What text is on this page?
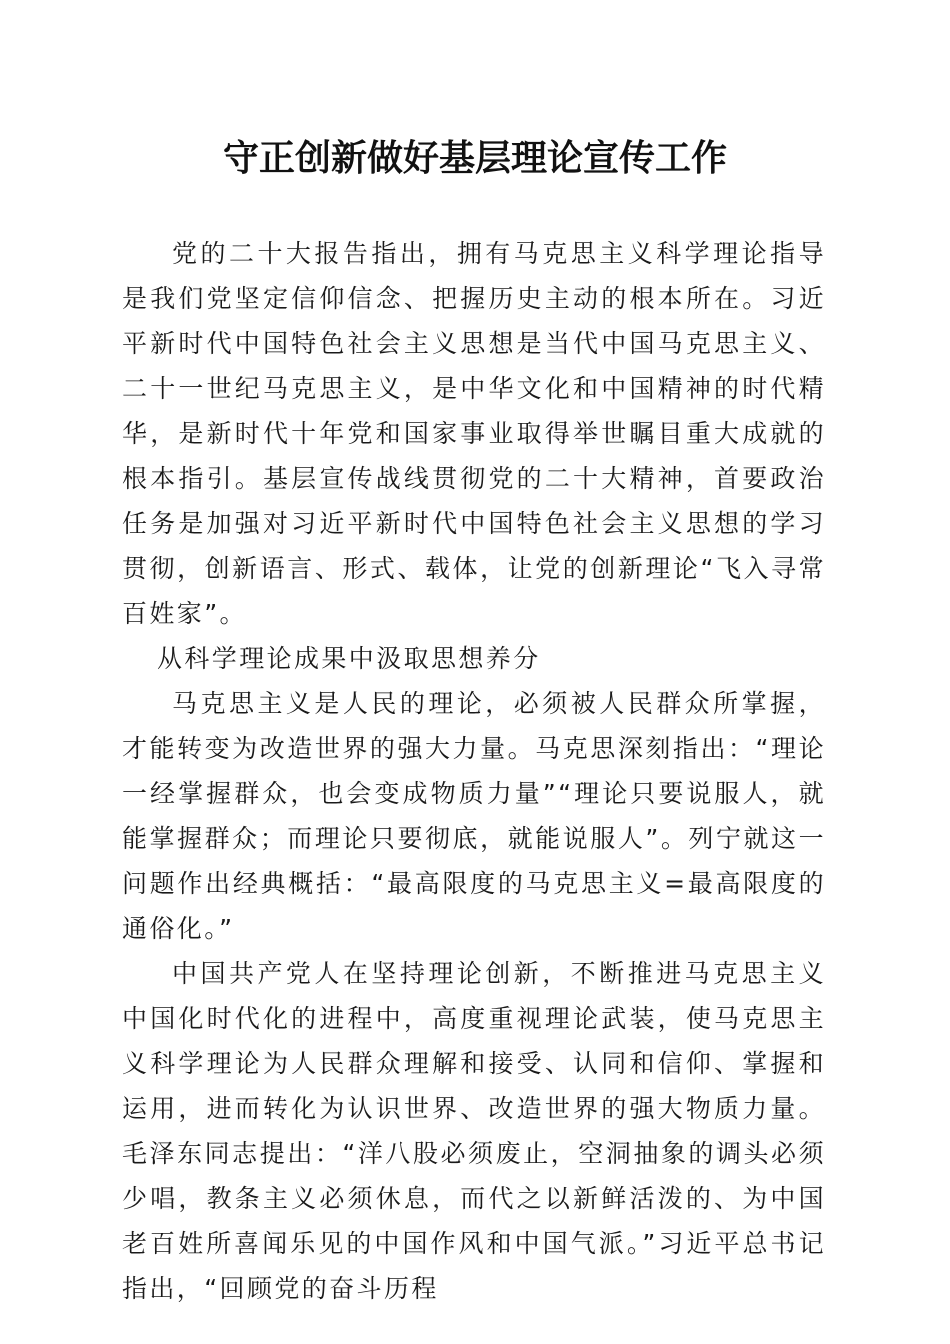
守正创新做好基层理论宣传工作

党的二十大报告指出，拥有马克思主义科学理论指导是我们党坚定信仰信念、把握历史主动的根本所在。习近平新时代中国特色社会主义思想是当代中国马克思主义、二十一世纪马克思主义，是中华文化和中国精神的时代精华，是新时代十年党和国家事业取得举世瞩目重大成就的根本指引。基层宣传战线贯彻党的二十大精神，首要政治任务是加强对习近平新时代中国特色社会主义思想的学习贯彻，创新语言、形式、载体，让党的创新理论“飞入寻常百姓家”。

从科学理论成果中汲取思想养分

马克思主义是人民的理论，必须被人民群众所掌握，才能转变为改造世界的强大力量。马克思深刻指出：“理论一经掌握群众，也会变成物质力量”“理论只要说服人，就能掌握群众；而理论只要彻底，就能说服人”。列宁就这一问题作出经典概括：“最高限度的马克思主义=最高限度的通俗化。”

中国共产党人在坚持理论创新，不断推进马克思主义中国化时代化的进程中，高度重视理论武装，使马克思主义科学理论为人民群众理解和接受、认同和信仰、掌握和运用，进而转化为认识世界、改造世界的强大物质力量。毛泽东同志提出：“洋八股必须废止，空洞抽象的调头必须少唱，教条主义必须休息，而代之以新鲜活泼的、为中国老百姓所喜闻乐见的中国作风和中国气派。”习近平总书记指出，“回顾党的奋斗历程
